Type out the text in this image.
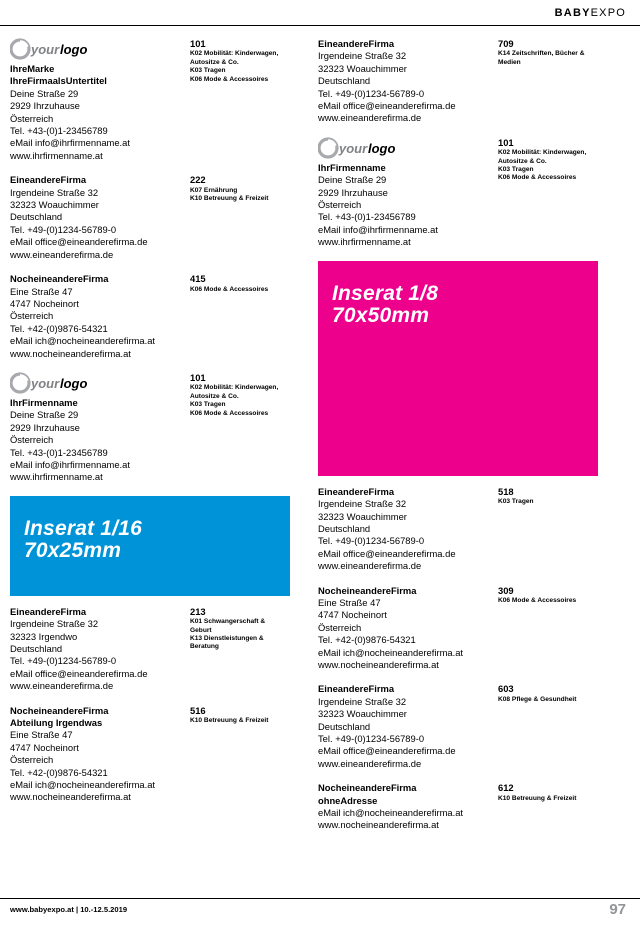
BABYEXPO
your logo
IhreMarke
IhreFirmaalsUntertitel
Deine Straße 29
2929 Ihrzuhause
Österreich
Tel. +43-(0)1-23456789
eMail info@ihrfirmenname.at
www.ihrfirmenname.at
101
K02 Mobilität: Kinderwagen,
Autositze & Co.
K03 Tragen
K06 Mode & Accessoires
EineandereFirma
Irgendeine Straße 32
32323 Woauchimmer
Deutschland
Tel. +49-(0)1234-56789-0
eMail office@eineanderefirma.de
www.eineanderefirma.de
222
K07 Ernährung
K10 Betreuung & Freizeit
NocheineandereFirma
Eine Straße 47
4747 Nocheinort
Österreich
Tel. +42-(0)9876-54321
eMail ich@nocheineanderefirma.at
www.nocheineanderefirma.at
415
K06 Mode & Accessoires
your logo
IhrFirmenname
Deine Straße 29
2929 Ihrzuhause
Österreich
Tel. +43-(0)1-23456789
eMail info@ihrfirmenname.at
www.ihrfirmenname.at
101
K02 Mobilität: Kinderwagen,
Autositze & Co.
K03 Tragen
K06 Mode & Accessoires
Inserat 1/16
70x25mm
EineandereFirma
Irgendeine Straße 32
32323 Irgendwo
Deutschland
Tel. +49-(0)1234-56789-0
eMail office@eineanderefirma.de
www.eineanderefirma.de
213
K01 Schwangerschaft &
Geburt
K13 Dienstleistungen &
Beratung
NocheineandereFirma
Abteilung Irgendwas
Eine Straße 47
4747 Nocheinort
Österreich
Tel. +42-(0)9876-54321
eMail ich@nocheineanderefirma.at
www.nocheineanderefirma.at
516
K10 Betreuung & Freizeit
EineandereFirma
Irgendeine Straße 32
32323 Woauchimmer
Deutschland
Tel. +49-(0)1234-56789-0
eMail office@eineanderefirma.de
www.eineanderefirma.de
709
K14 Zeitschriften, Bücher &
Medien
your logo
IhrFirmenname
Deine Straße 29
2929 Ihrzuhause
Österreich
Tel. +43-(0)1-23456789
eMail info@ihrfirmenname.at
www.ihrfirmenname.at
101
K02 Mobilität: Kinderwagen,
Autositze & Co.
K03 Tragen
K06 Mode & Accessoires
Inserat 1/8
70x50mm
EineandereFirma
Irgendeine Straße 32
32323 Woauchimmer
Deutschland
Tel. +49-(0)1234-56789-0
eMail office@eineanderefirma.de
www.eineanderefirma.de
518
K03 Tragen
NocheineandereFirma
Eine Straße 47
4747 Nocheinort
Österreich
Tel. +42-(0)9876-54321
eMail ich@nocheineanderefirma.at
www.nocheineanderefirma.at
309
K06 Mode & Accessoires
EineandereFirma
Irgendeine Straße 32
32323 Woauchimmer
Deutschland
Tel. +49-(0)1234-56789-0
eMail office@eineanderefirma.de
www.eineanderefirma.de
603
K08 Pflege & Gesundheit
NocheineandereFirma
ohneAdresse
eMail ich@nocheineanderefirma.at
www.nocheineanderefirma.at
612
K10 Betreuung & Freizeit
www.babyexpo.at | 10.-12.5.2019	97
